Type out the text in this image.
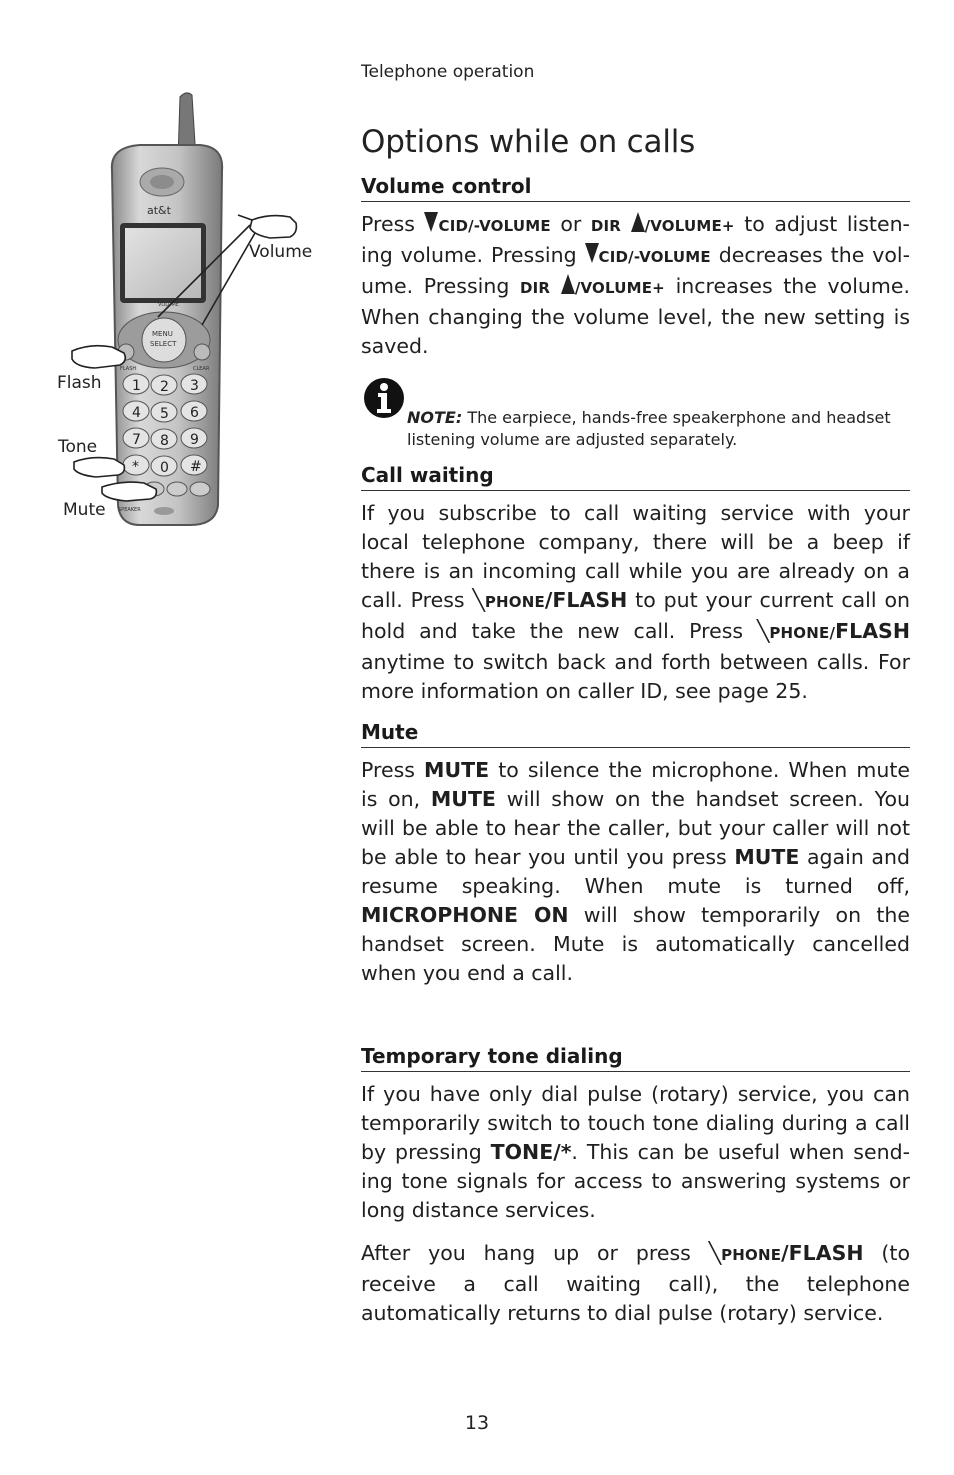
Telephone operation
at&t
MENU
SELECT
VOLUME
FLASH	CLEAR
1 2 3
4 5 6
7 8 9
* 0 #
SPEAKER
Volume
Flash
Tone
Mute
Options while on calls
Volume control

Press CID/-VOLUME or DIR /VOLUME+ to adjust listen-ing volume. Pressing CID/-VOLUME decreases the vol-ume. Pressing DIR /VOLUME+ increases the volume. When changing the volume level, the new setting is saved.

NOTE: The earpiece, hands-free speakerphone and headset listening volume are adjusted separately.
Call waiting

If you subscribe to call waiting service with your local telephone company, there will be a beep if there is an incoming call while you are already on a call. Press ╲PHONE/FLASH to put your current call on hold and take the new call. Press ╲PHONE/FLASH anytime to switch back and forth between calls. For more information on caller ID, see page 25.

Mute

Press MUTE to silence the microphone. When mute is on, MUTE will show on the handset screen. You will be able to hear the caller, but your caller will not be able to hear you until you press MUTE again and resume speaking. When mute is turned off, MICROPHONE ON will show temporarily on the handset screen. Mute is automatically cancelled when you end a call.

Temporary tone dialing

If you have only dial pulse (rotary) service, you can temporarily switch to touch tone dialing during a call by pressing TONE/*. This can be useful when send-ing tone signals for access to answering systems or long distance services.

After you hang up or press ╲PHONE/FLASH (to receive a call waiting call), the telephone automatically returns to dial pulse (rotary) service.

13
